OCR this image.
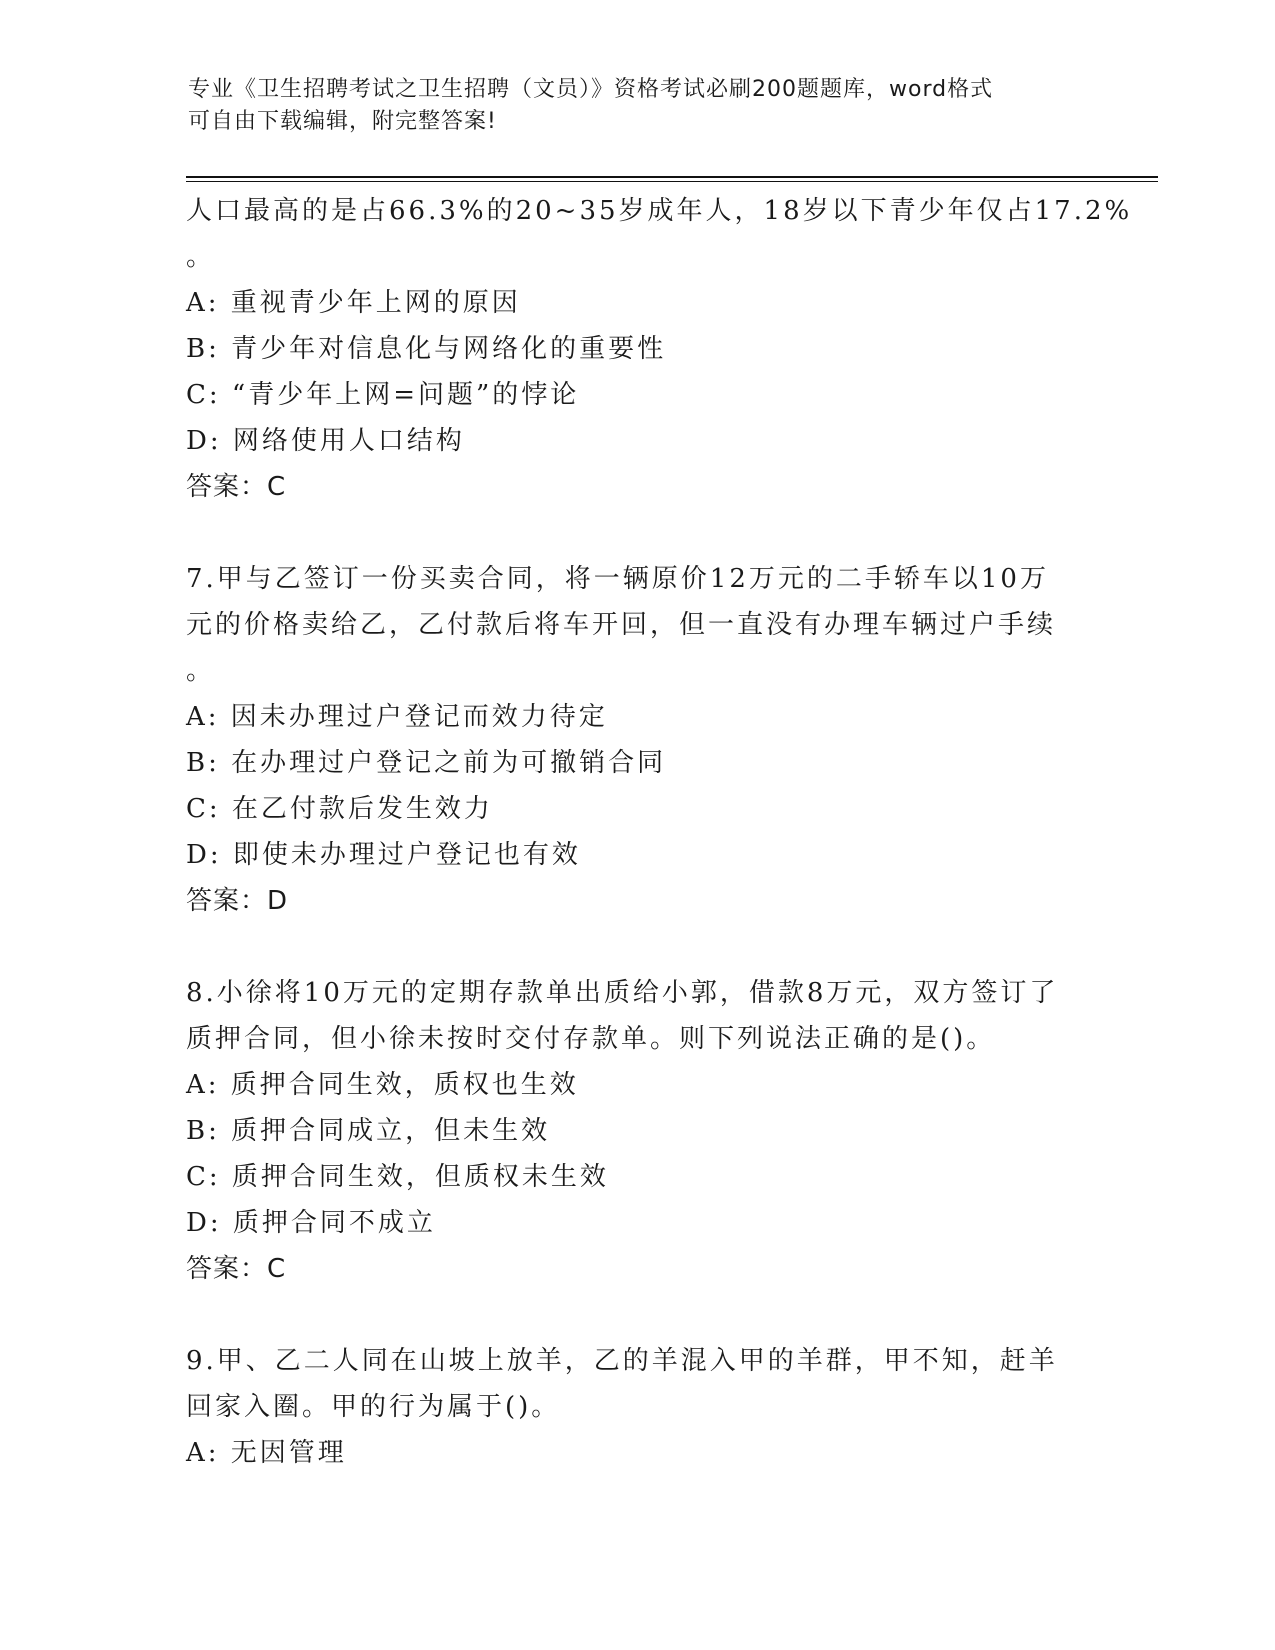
专业《卫生招聘考试之卫生招聘（文员）》资格考试必刷200题题库，word格式
可自由下载编辑，附完整答案!
人口最高的是占66.3%的20~35岁成年人，18岁以下青少年仅占17.2%
。
A: 重视青少年上网的原因
B: 青少年对信息化与网络化的重要性
C: “青少年上网=问题”的悖论
D: 网络使用人口结构
答案：C
7.甲与乙签订一份买卖合同，将一辆原价12万元的二手轿车以10万
元的价格卖给乙，乙付款后将车开回，但一直没有办理车辆过户手续
。
A: 因未办理过户登记而效力待定
B: 在办理过户登记之前为可撤销合同
C: 在乙付款后发生效力
D: 即使未办理过户登记也有效
答案：D
8.小徐将10万元的定期存款单出质给小郭，借款8万元，双方签订了
质押合同，但小徐未按时交付存款单。则下列说法正确的是()。
A: 质押合同生效，质权也生效
B: 质押合同成立，但未生效
C: 质押合同生效，但质权未生效
D: 质押合同不成立
答案：C
9.甲、乙二人同在山坡上放羊，乙的羊混入甲的羊群，甲不知，赶羊
回家入圈。甲的行为属于()。
A: 无因管理
